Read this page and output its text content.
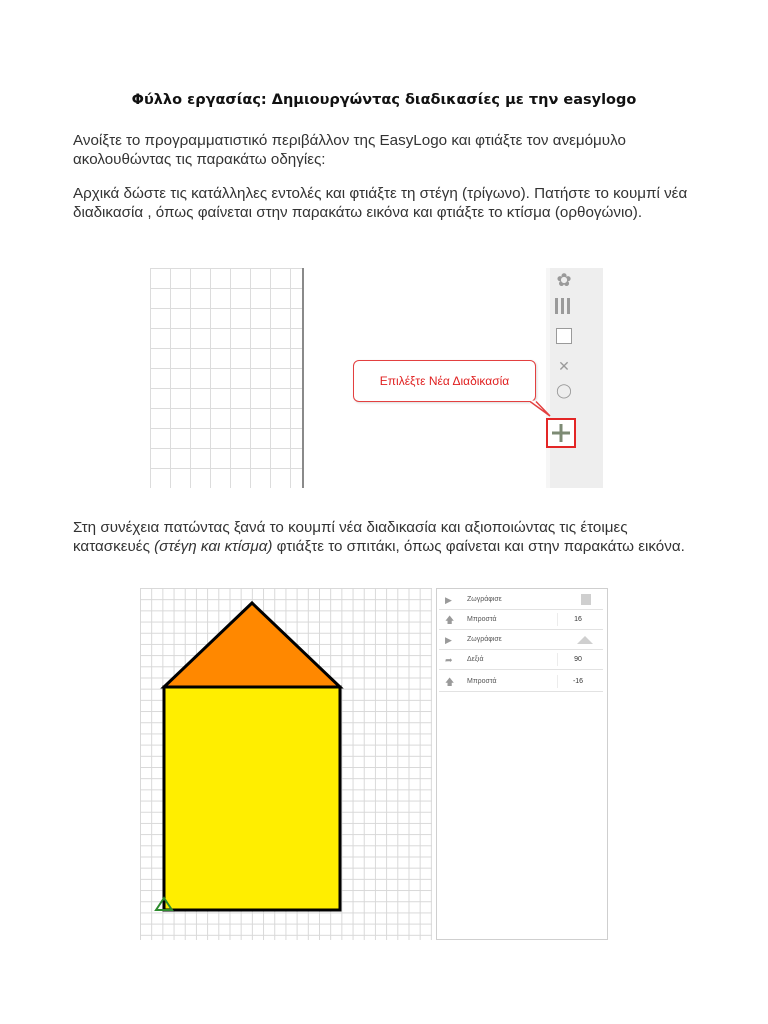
Φύλλο εργασίας: Δημιουργώντας διαδικασίες με την easylogo
Ανοίξτε το προγραμματιστικό περιβάλλον της EasyLogo και φτιάξτε τον ανεμόμυλο ακολουθώντας τις παρακάτω οδηγίες:
Αρχικά δώστε τις κατάλληλες εντολές και φτιάξτε τη στέγη (τρίγωνο). Πατήστε το κουμπί νέα διαδικασία , όπως φαίνεται στην παρακάτω εικόνα και φτιάξτε το κτίσμα (ορθογώνιο).
✿
✕
◯
Επιλέξτε Νέα Διαδικασία
Στη συνέχεια πατώντας ξανά το κουμπί νέα διαδικασία και αξιοποιώντας τις έτοιμες κατασκευές (στέγη και κτίσμα) φτιάξτε το σπιτάκι, όπως φαίνεται και στην παρακάτω εικόνα.
▶	Ζωγράφισε
🡅 Μπροστά	16
▶	Ζωγράφισε
➦	Δεξιά	90
🡅 Μπροστά	-16
